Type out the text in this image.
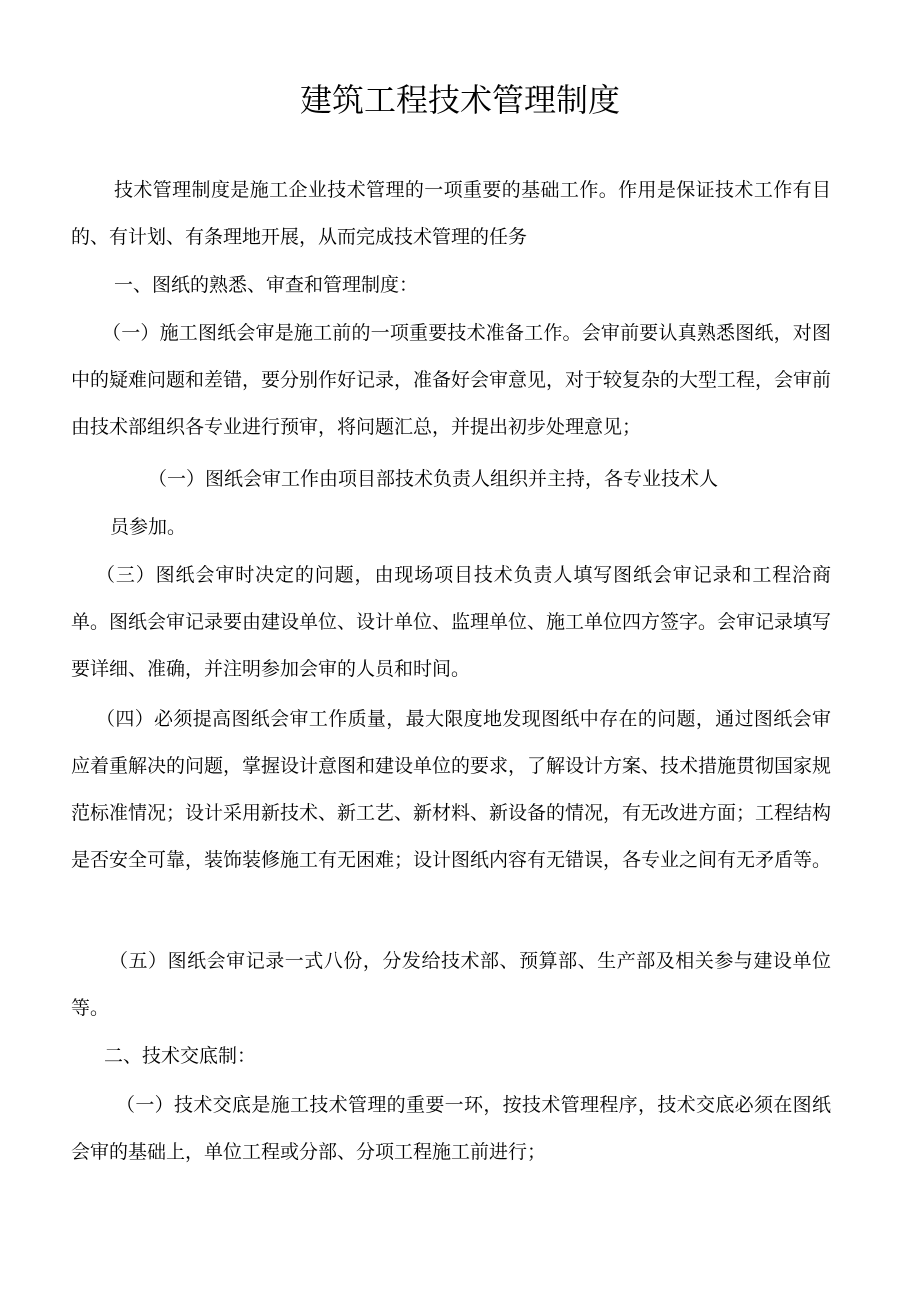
建筑工程技术管理制度

技术管理制度是施工企业技术管理的一项重要的基础工作。作用是保证技术工作有目的、有计划、有条理地开展，从而完成技术管理的任务

一、图纸的熟悉、审查和管理制度：

（一）施工图纸会审是施工前的一项重要技术准备工作。会审前要认真熟悉图纸，对图中的疑难问题和差错，要分别作好记录，准备好会审意见，对于较复杂的大型工程，会审前由技术部组织各专业进行预审，将问题汇总，并提出初步处理意见；

（一）图纸会审工作由项目部技术负责人组织并主持，各专业技术人

员参加。

（三）图纸会审时决定的问题，由现场项目技术负责人填写图纸会审记录和工程洽商单。图纸会审记录要由建设单位、设计单位、监理单位、施工单位四方签字。会审记录填写要详细、准确，并注明参加会审的人员和时间。

（四）必须提高图纸会审工作质量，最大限度地发现图纸中存在的问题，通过图纸会审应着重解决的问题，掌握设计意图和建设单位的要求，了解设计方案、技术措施贯彻国家规范标准情况；设计采用新技术、新工艺、新材料、新设备的情况，有无改进方面；工程结构是否安全可靠，装饰装修施工有无困难；设计图纸内容有无错误，各专业之间有无矛盾等。

（五）图纸会审记录一式八份，分发给技术部、预算部、生产部及相关参与建设单位等。

二、技术交底制：

（一）技术交底是施工技术管理的重要一环，按技术管理程序，技术交底必须在图纸会审的基础上，单位工程或分部、分项工程施工前进行；
